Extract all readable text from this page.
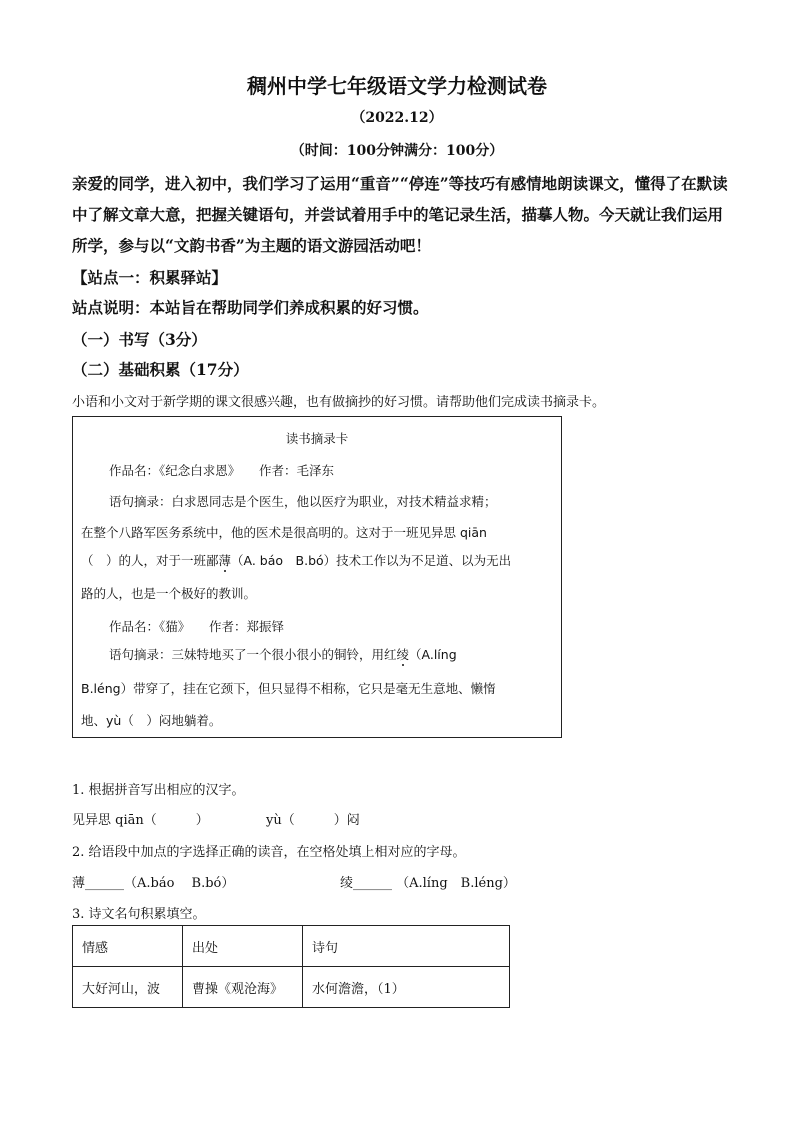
稠州中学七年级语文学力检测试卷
（2022.12）
（时间：100分钟满分：100分）
亲爱的同学，进入初中，我们学习了运用“重音”“停连”等技巧有感情地朗读课文，懂得了在默读中了解文章大意，把握关键语句，并尝试着用手中的笔记录生活，描摹人物。今天就让我们运用所学，参与以“文韵书香”为主题的语文游园活动吧！
【站点一：积累驿站】
站点说明：本站旨在帮助同学们养成积累的好习惯。
（一）书写（3分）
（二）基础积累（17分）
小语和小文对于新学期的课文很感兴趣，也有做摘抄的好习惯。请帮助他们完成读书摘录卡。
读书摘录卡
作品名：《纪念白求恩》　　作者：毛泽东
语句摘录：白求恩同志是个医生，他以医疗为职业，对技术精益求精；
在整个八路军医务系统中，他的医术是很高明的。这对于一班见异思 qiān
（　）的人，对于一班鄙薄（A. báo　B.bó）技术工作以为不足道、以为无出
路的人，也是一个极好的教训。
作品名：《猫》　　作者：郑振铎
语句摘录：三妹特地买了一个很小很小的铜铃，用红绫（A.líng
B.léng）带穿了，挂在它颈下，但只显得不相称，它只是毫无生意地、懒惰
地、yù（　）闷地躺着。
1. 根据拼音写出相应的汉字。
见异思 qiān（　　　）	yù（　　　）闷
2. 给语段中加点的字选择正确的读音，在空格处填上相对应的字母。
薄______（A.báo　 B.bó）	绫______ （A.líng　B.léng）
3. 诗文名句积累填空。
情感	出处	诗句
大好河山，波	曹操《观沧海》	水何澹澹，（1）
